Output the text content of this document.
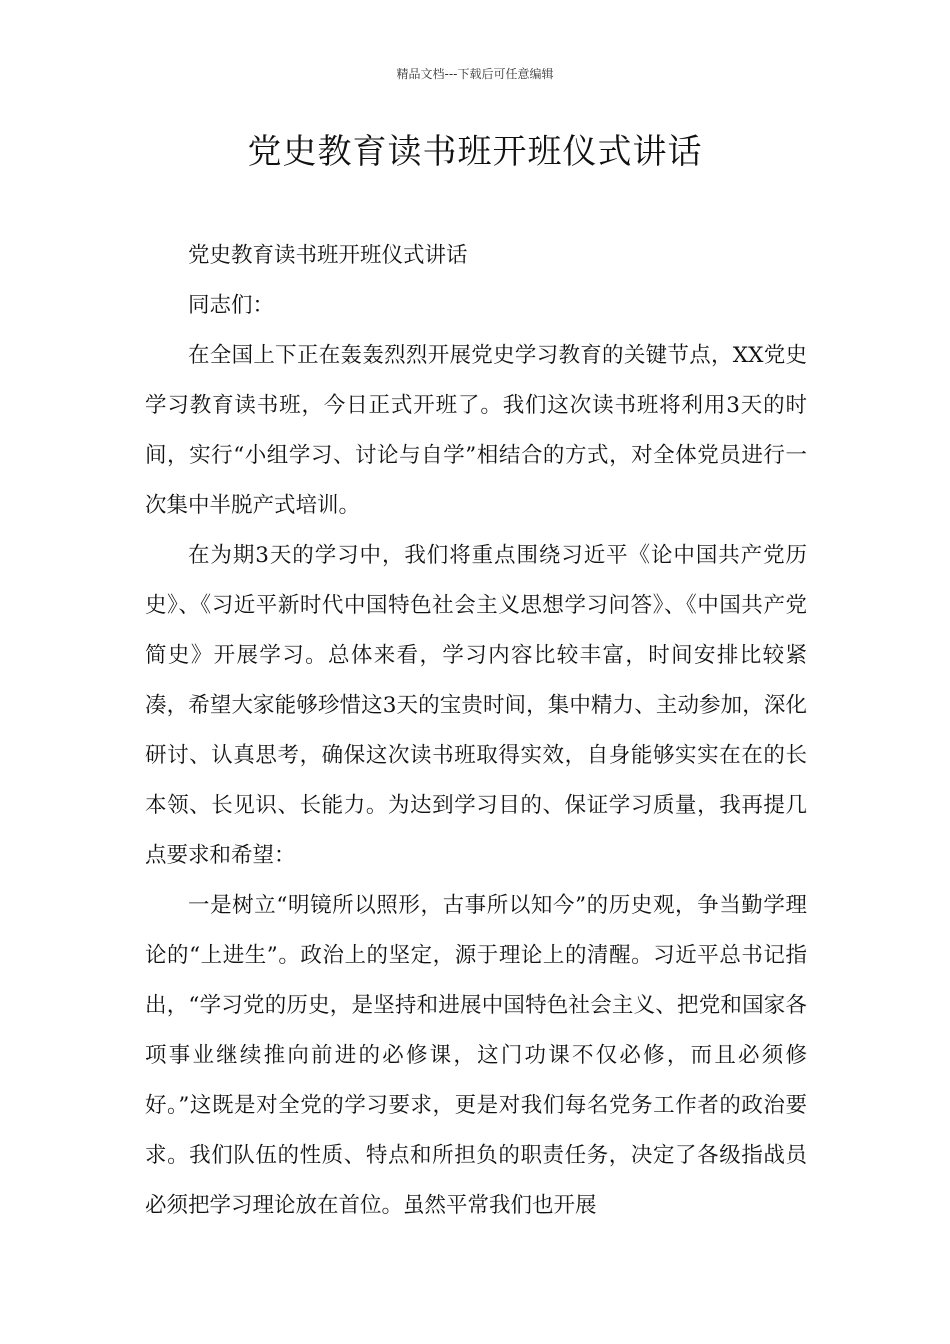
精品文档---下载后可任意编辑
党史教育读书班开班仪式讲话

党史教育读书班开班仪式讲话

同志们：

在全国上下正在轰轰烈烈开展党史学习教育的关键节点，XX党史学习教育读书班，今日正式开班了。我们这次读书班将利用3天的时间，实行“小组学习、讨论与自学”相结合的方式，对全体党员进行一次集中半脱产式培训。

在为期3天的学习中，我们将重点围绕习近平《论中国共产党历史》、《习近平新时代中国特色社会主义思想学习问答》、《中国共产党简史》开展学习。总体来看，学习内容比较丰富，时间安排比较紧凑，希望大家能够珍惜这3天的宝贵时间，集中精力、主动参加，深化研讨、认真思考，确保这次读书班取得实效，自身能够实实在在的长本领、长见识、长能力。为达到学习目的、保证学习质量，我再提几点要求和希望：

一是树立“明镜所以照形，古事所以知今”的历史观，争当勤学理论的“上进生”。政治上的坚定，源于理论上的清醒。习近平总书记指出，“学习党的历史，是坚持和进展中国特色社会主义、把党和国家各项事业继续推向前进的必修课，这门功课不仅必修，而且必须修好。”这既是对全党的学习要求，更是对我们每名党务工作者的政治要求。我们队伍的性质、特点和所担负的职责任务，决定了各级指战员必须把学习理论放在首位。虽然平常我们也开展
